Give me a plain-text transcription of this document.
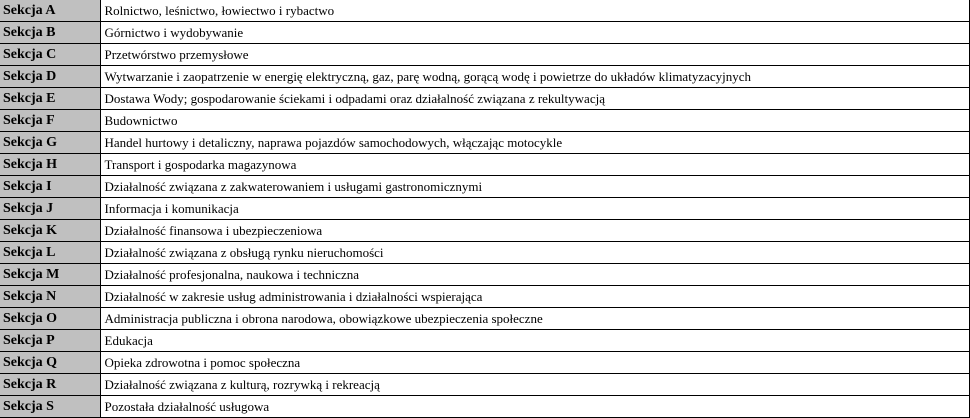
Sekcja A	Rolnictwo, leśnictwo, łowiectwo i rybactwo
Sekcja B	Górnictwo i wydobywanie
Sekcja C	Przetwórstwo przemysłowe
Sekcja D	Wytwarzanie i zaopatrzenie w energię elektryczną, gaz, parę wodną, gorącą wodę i powietrze do układów klimatyzacyjnych
Sekcja E	Dostawa Wody; gospodarowanie ściekami i odpadami oraz działalność związana z rekultywacją
Sekcja F	Budownictwo
Sekcja G	Handel hurtowy i detaliczny, naprawa pojazdów samochodowych, włączając motocykle
Sekcja H	Transport i gospodarka magazynowa
Sekcja I	Działalność związana z zakwaterowaniem i usługami gastronomicznymi
Sekcja J	Informacja i komunikacja
Sekcja K	Działalność finansowa i ubezpieczeniowa
Sekcja L	Działalność związana z obsługą rynku nieruchomości
Sekcja M	Działalność profesjonalna, naukowa i techniczna
Sekcja N	Działalność w zakresie usług administrowania i działalności wspierająca
Sekcja O	Administracja publiczna i obrona narodowa, obowiązkowe ubezpieczenia społeczne
Sekcja P	Edukacja
Sekcja Q	Opieka zdrowotna i pomoc społeczna
Sekcja R	Działalność związana z kulturą, rozrywką i rekreacją
Sekcja S	Pozostała działalność usługowa
